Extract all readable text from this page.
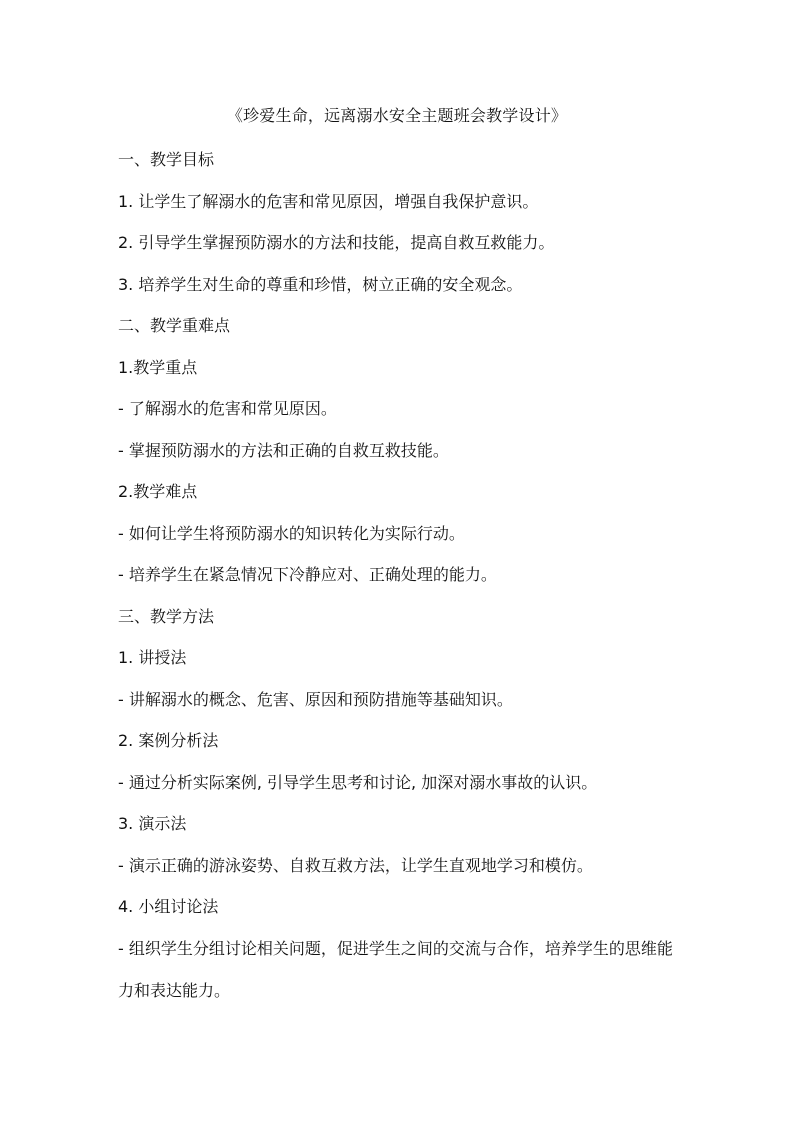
《珍爱生命，远离溺水安全主题班会教学设计》
一、教学目标
1. 让学生了解溺水的危害和常见原因，增强自我保护意识。
2. 引导学生掌握预防溺水的方法和技能，提高自救互救能力。
3. 培养学生对生命的尊重和珍惜，树立正确的安全观念。
二、教学重难点
1.教学重点
- 了解溺水的危害和常见原因。
- 掌握预防溺水的方法和正确的自救互救技能。
2.教学难点
- 如何让学生将预防溺水的知识转化为实际行动。
- 培养学生在紧急情况下冷静应对、正确处理的能力。
三、教学方法
1. 讲授法
- 讲解溺水的概念、危害、原因和预防措施等基础知识。
2. 案例分析法
- 通过分析实际案例, 引导学生思考和讨论, 加深对溺水事故的认识。
3. 演示法
- 演示正确的游泳姿势、自救互救方法，让学生直观地学习和模仿。
4. 小组讨论法
- 组织学生分组讨论相关问题，促进学生之间的交流与合作，培养学生的思维能力和表达能力。
